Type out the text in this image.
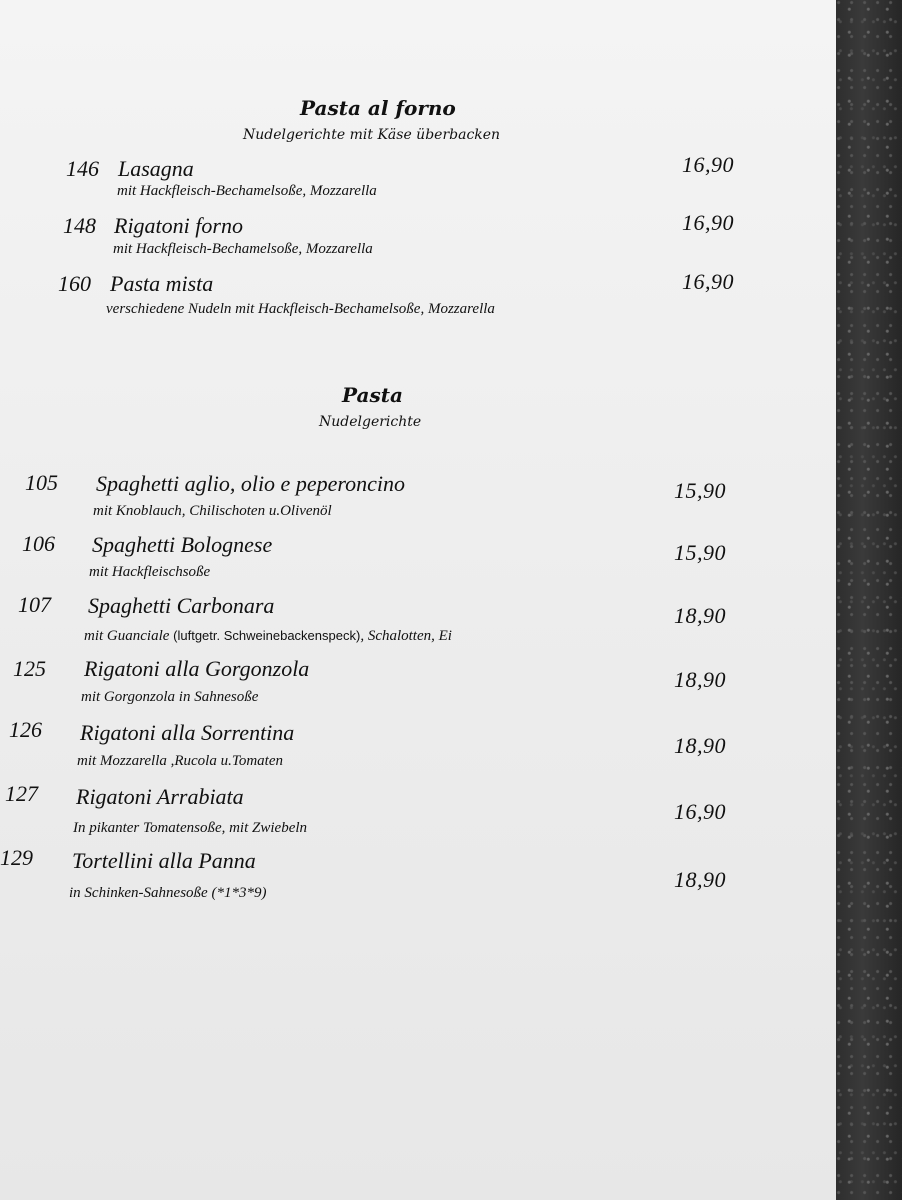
Pasta al forno
Nudelgerichte mit Käse überbacken
146 Lasagna
mit Hackfleisch-Bechamelsoße, Mozzarella
16,90
148 Rigatoni forno
mit Hackfleisch-Bechamelsoße, Mozzarella
16,90
160 Pasta mista
verschiedene Nudeln mit Hackfleisch-Bechamelsoße, Mozzarella
16,90
Pasta
Nudelgerichte
105 Spaghetti aglio, olio e peperoncino
mit Knoblauch, Chilischoten u.Olivenöl
15,90
106 Spaghetti Bolognese
mit Hackfleischsoße
15,90
107 Spaghetti Carbonara
mit Guanciale (luftgetr. Schweinebackenspeck), Schalotten, Ei
18,90
125 Rigatoni alla Gorgonzola
mit Gorgonzola in Sahnesoße
18,90
126 Rigatoni alla Sorrentina
mit Mozzarella ,Rucola u.Tomaten
18,90
127 Rigatoni Arrabiata
In pikanter Tomatensoße, mit Zwiebeln
16,90
129 Tortellini alla Panna
in Schinken-Sahnesoße (*1*3*9)
18,90
